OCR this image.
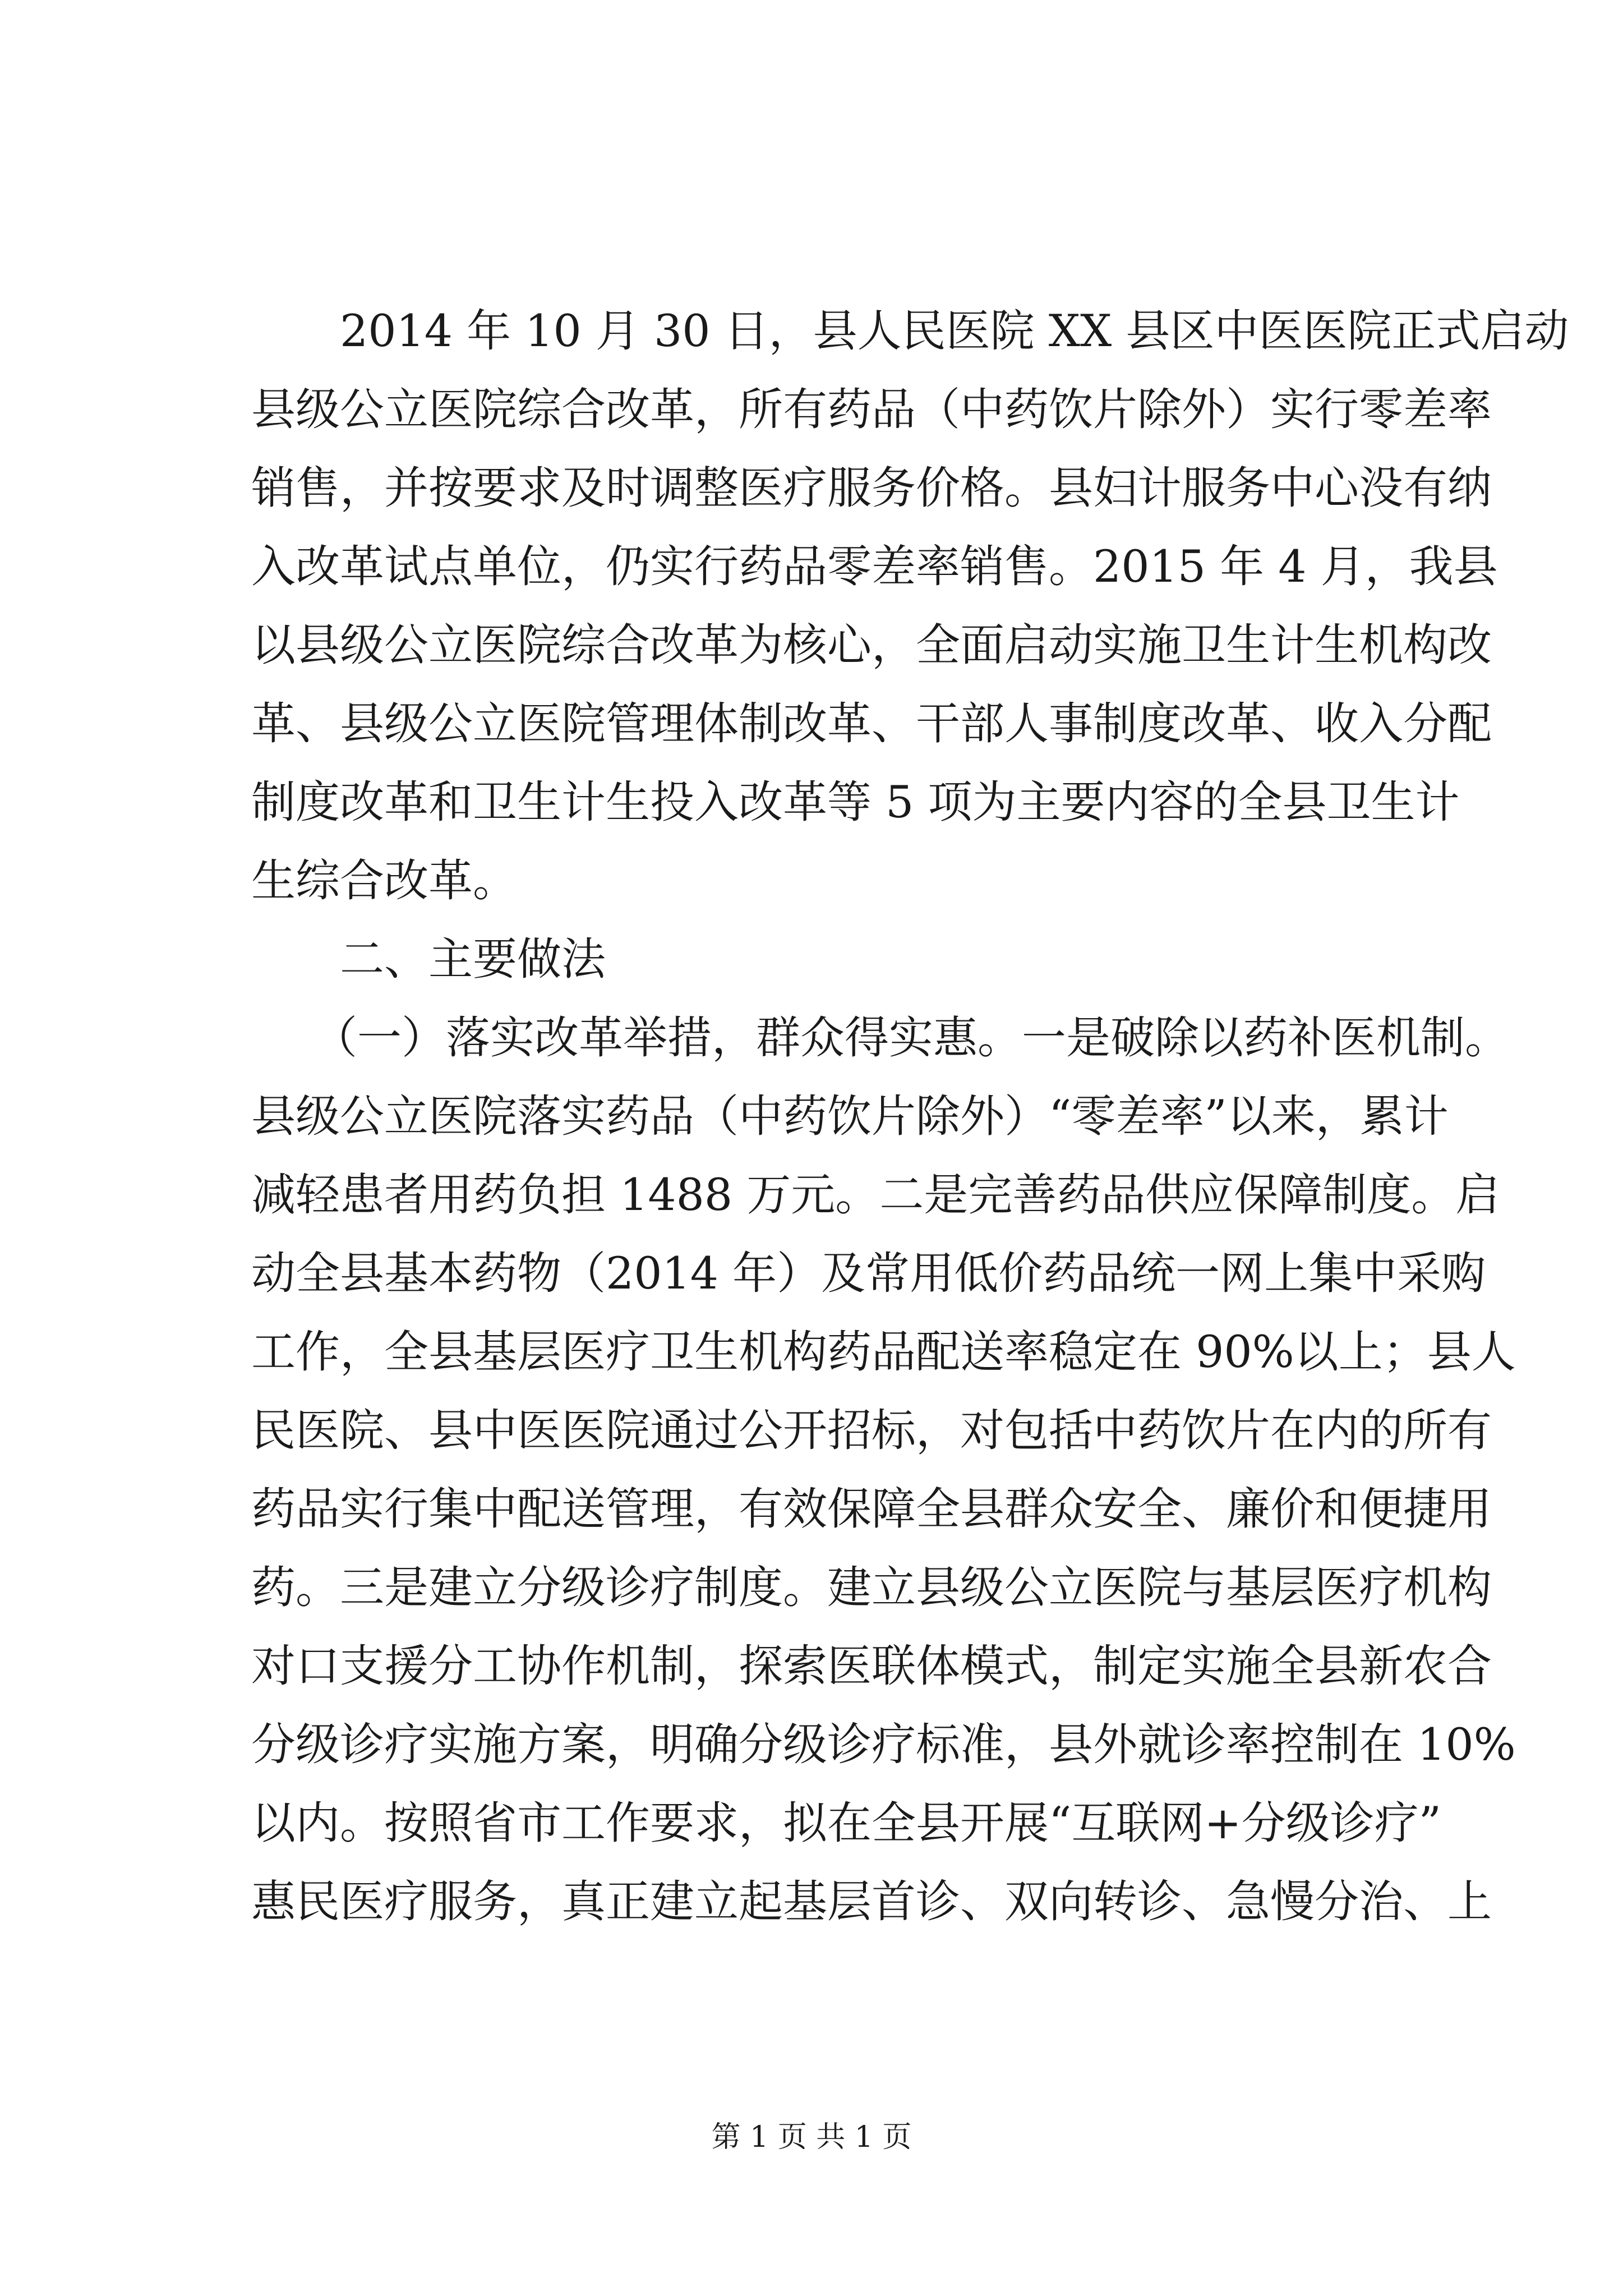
2014 年 10 月 30 日，县人民医院 XX 县区中医医院正式启动

县级公立医院综合改革，所有药品（中药饮片除外）实行零差率

销售，并按要求及时调整医疗服务价格。县妇计服务中心没有纳

入改革试点单位，仍实行药品零差率销售。2015 年 4 月，我县

以县级公立医院综合改革为核心，全面启动实施卫生计生机构改

革、县级公立医院管理体制改革、干部人事制度改革、收入分配

制度改革和卫生计生投入改革等 5 项为主要内容的全县卫生计

生综合改革。

二、主要做法

（一）落实改革举措，群众得实惠。一是破除以药补医机制。

县级公立医院落实药品（中药饮片除外）“零差率”以来，累计

减轻患者用药负担 1488 万元。二是完善药品供应保障制度。启

动全县基本药物（2014 年）及常用低价药品统一网上集中采购

工作，全县基层医疗卫生机构药品配送率稳定在 90%以上；县人

民医院、县中医医院通过公开招标，对包括中药饮片在内的所有

药品实行集中配送管理，有效保障全县群众安全、廉价和便捷用

药。三是建立分级诊疗制度。建立县级公立医院与基层医疗机构

对口支援分工协作机制，探索医联体模式，制定实施全县新农合

分级诊疗实施方案，明确分级诊疗标准，县外就诊率控制在 10%

以内。按照省市工作要求，拟在全县开展“互联网+分级诊疗”

惠民医疗服务，真正建立起基层首诊、双向转诊、急慢分治、上

第 1 页 共 1 页
